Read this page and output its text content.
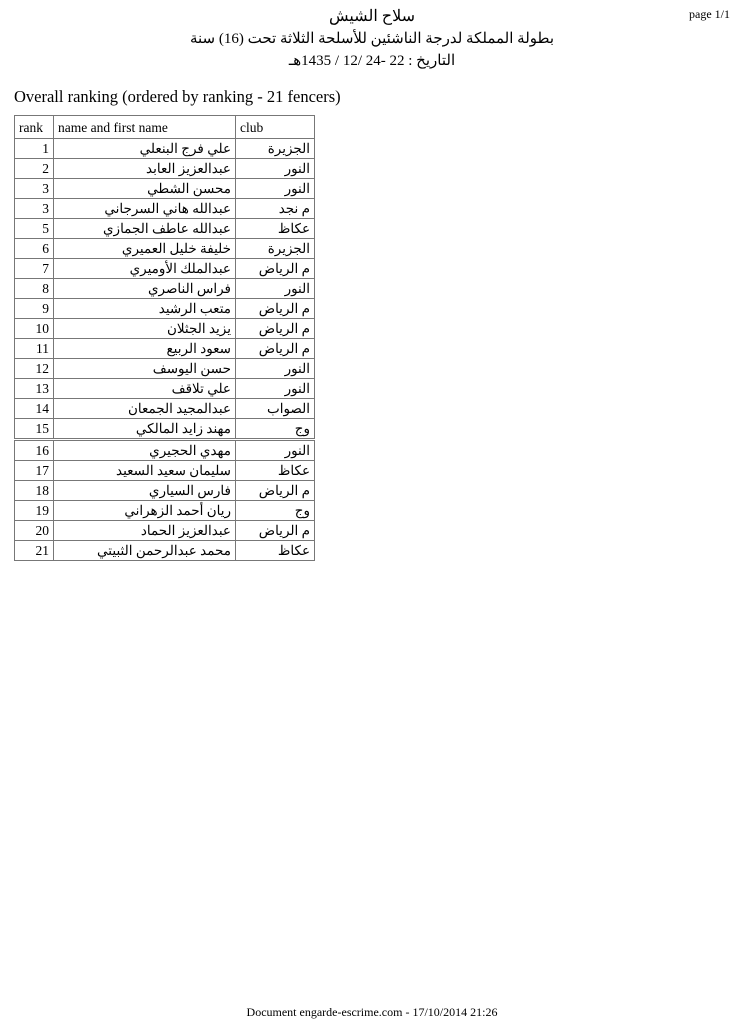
page 1/1
سلاح الشيش
بطولة المملكة لدرجة الناشئين للأسلحة الثلاثة تحت (16) سنة
التاريخ : 22 -24 /12 / 1435هـ
Overall ranking (ordered by ranking - 21 fencers)
rank	name and first name	club
1	علي فرج البنعلي	الجزيرة
2	عبدالعزيز العابد	النور
3	محسن الشطي	النور
3	عبدالله هاني السرجاني	م نجد
5	عبدالله عاطف الجمازي	عكاظ
6	خليفة خليل العميري	الجزيرة
7	عبدالملك الأوميري	م الرياض
8	فراس الناصري	النور
9	متعب الرشيد	م الرياض
10	يزيد الجثلان	م الرياض
11	سعود الربيع	م الرياض
12	حسن اليوسف	النور
13	علي تلاقف	النور
14	عبدالمجيد الجمعان	الصواب
15	مهند زايد المالكي	وج
16	مهدي الحجيري	النور
17	سليمان سعيد السعيد	عكاظ
18	فارس السياري	م الرياض
19	ريان أحمد الزهراني	وج
20	عبدالعزيز الحماد	م الرياض
21	محمد عبدالرحمن الثبيتي	عكاظ
Document engarde-escrime.com - 17/10/2014 21:26
